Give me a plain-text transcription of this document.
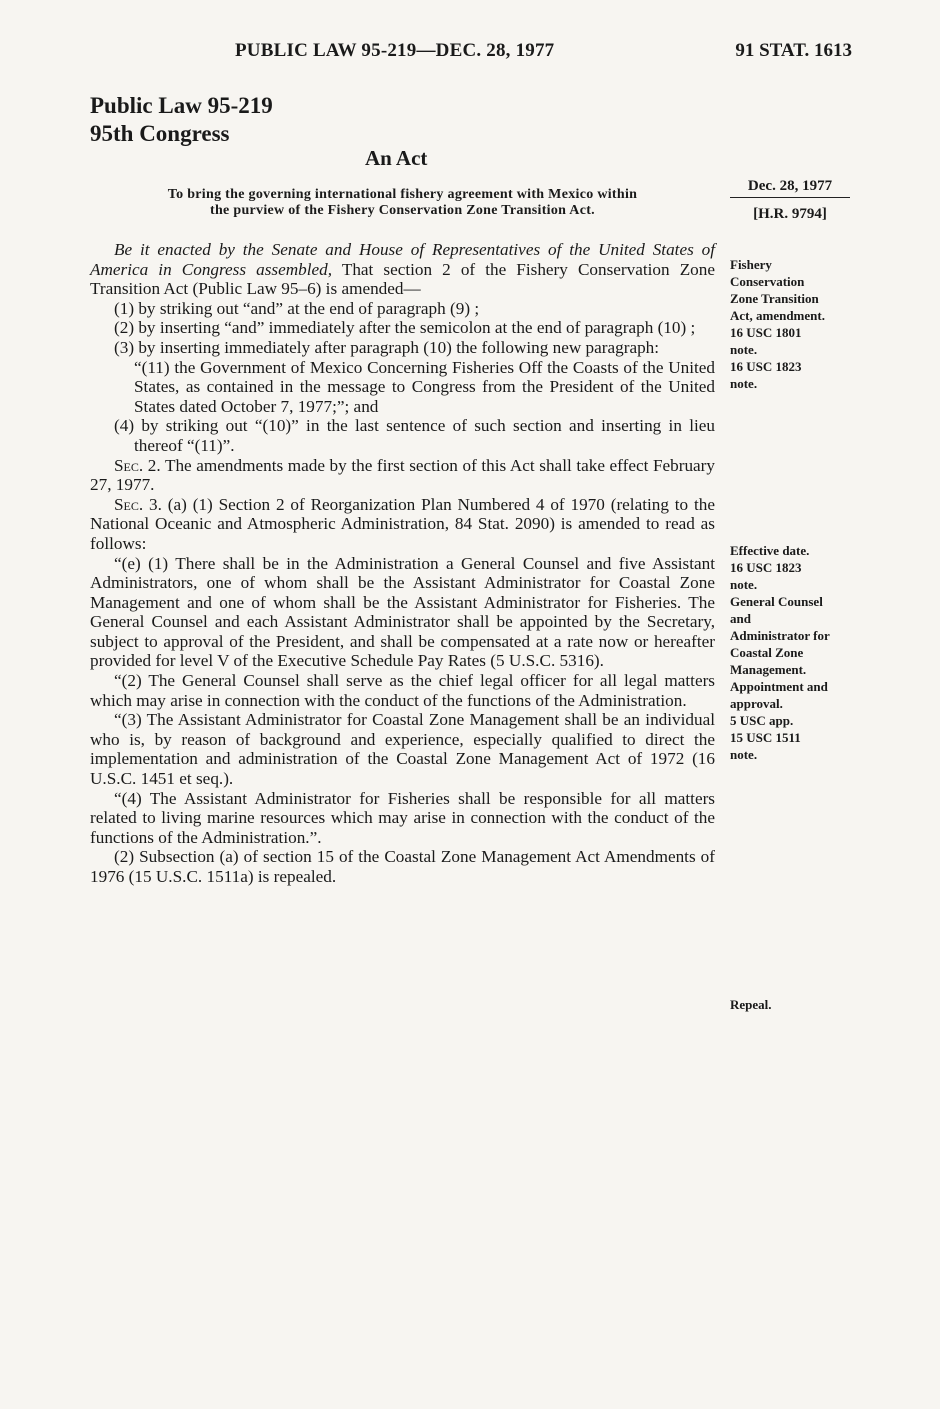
PUBLIC LAW 95-219—DEC. 28, 1977	91 STAT. 1613
Public Law 95-219
95th Congress
An Act
To bring the governing international fishery agreement with Mexico within
the purview of the Fishery Conservation Zone Transition Act.
Dec. 28, 1977
[H.R. 9794]

Be it enacted by the Senate and House of Representatives of the United States of America in Congress assembled, That section 2 of the Fishery Conservation Zone Transition Act (Public Law 95–6) is amended—

(1) by striking out “and” at the end of paragraph (9) ;

(2) by inserting “and” immediately after the semicolon at the end of paragraph (10) ;

(3) by inserting immediately after paragraph (10) the following new paragraph:

“(11) the Government of Mexico Concerning Fisheries Off the Coasts of the United States, as contained in the message to Congress from the President of the United States dated October 7, 1977;”; and

(4) by striking out “(10)” in the last sentence of such section and inserting in lieu thereof “(11)”.

Sec. 2. The amendments made by the first section of this Act shall take effect February 27, 1977.

Sec. 3. (a) (1) Section 2 of Reorganization Plan Numbered 4 of 1970 (relating to the National Oceanic and Atmospheric Administration, 84 Stat. 2090) is amended to read as follows:

“(e) (1) There shall be in the Administration a General Counsel and five Assistant Administrators, one of whom shall be the Assistant Administrator for Coastal Zone Management and one of whom shall be the Assistant Administrator for Fisheries. The General Counsel and each Assistant Administrator shall be appointed by the Secretary, subject to approval of the President, and shall be compensated at a rate now or hereafter provided for level V of the Executive Schedule Pay Rates (5 U.S.C. 5316).

“(2) The General Counsel shall serve as the chief legal officer for all legal matters which may arise in connection with the conduct of the functions of the Administration.

“(3) The Assistant Administrator for Coastal Zone Management shall be an individual who is, by reason of background and experience, especially qualified to direct the implementation and administration of the Coastal Zone Management Act of 1972 (16 U.S.C. 1451 et seq.).

“(4) The Assistant Administrator for Fisheries shall be responsible for all matters related to living marine resources which may arise in connection with the conduct of the functions of the Administration.”.

(2) Subsection (a) of section 15 of the Coastal Zone Management Act Amendments of 1976 (15 U.S.C. 1511a) is repealed.

Fishery
Conservation
Zone Transition
Act, amendment.
16 USC 1801
note.
16 USC 1823
note.
Effective date.
16 USC 1823
note.
General Counsel
and
Administrator for
Coastal Zone
Management.
Appointment and
approval.
5 USC app.
15 USC 1511
note.
Repeal.
